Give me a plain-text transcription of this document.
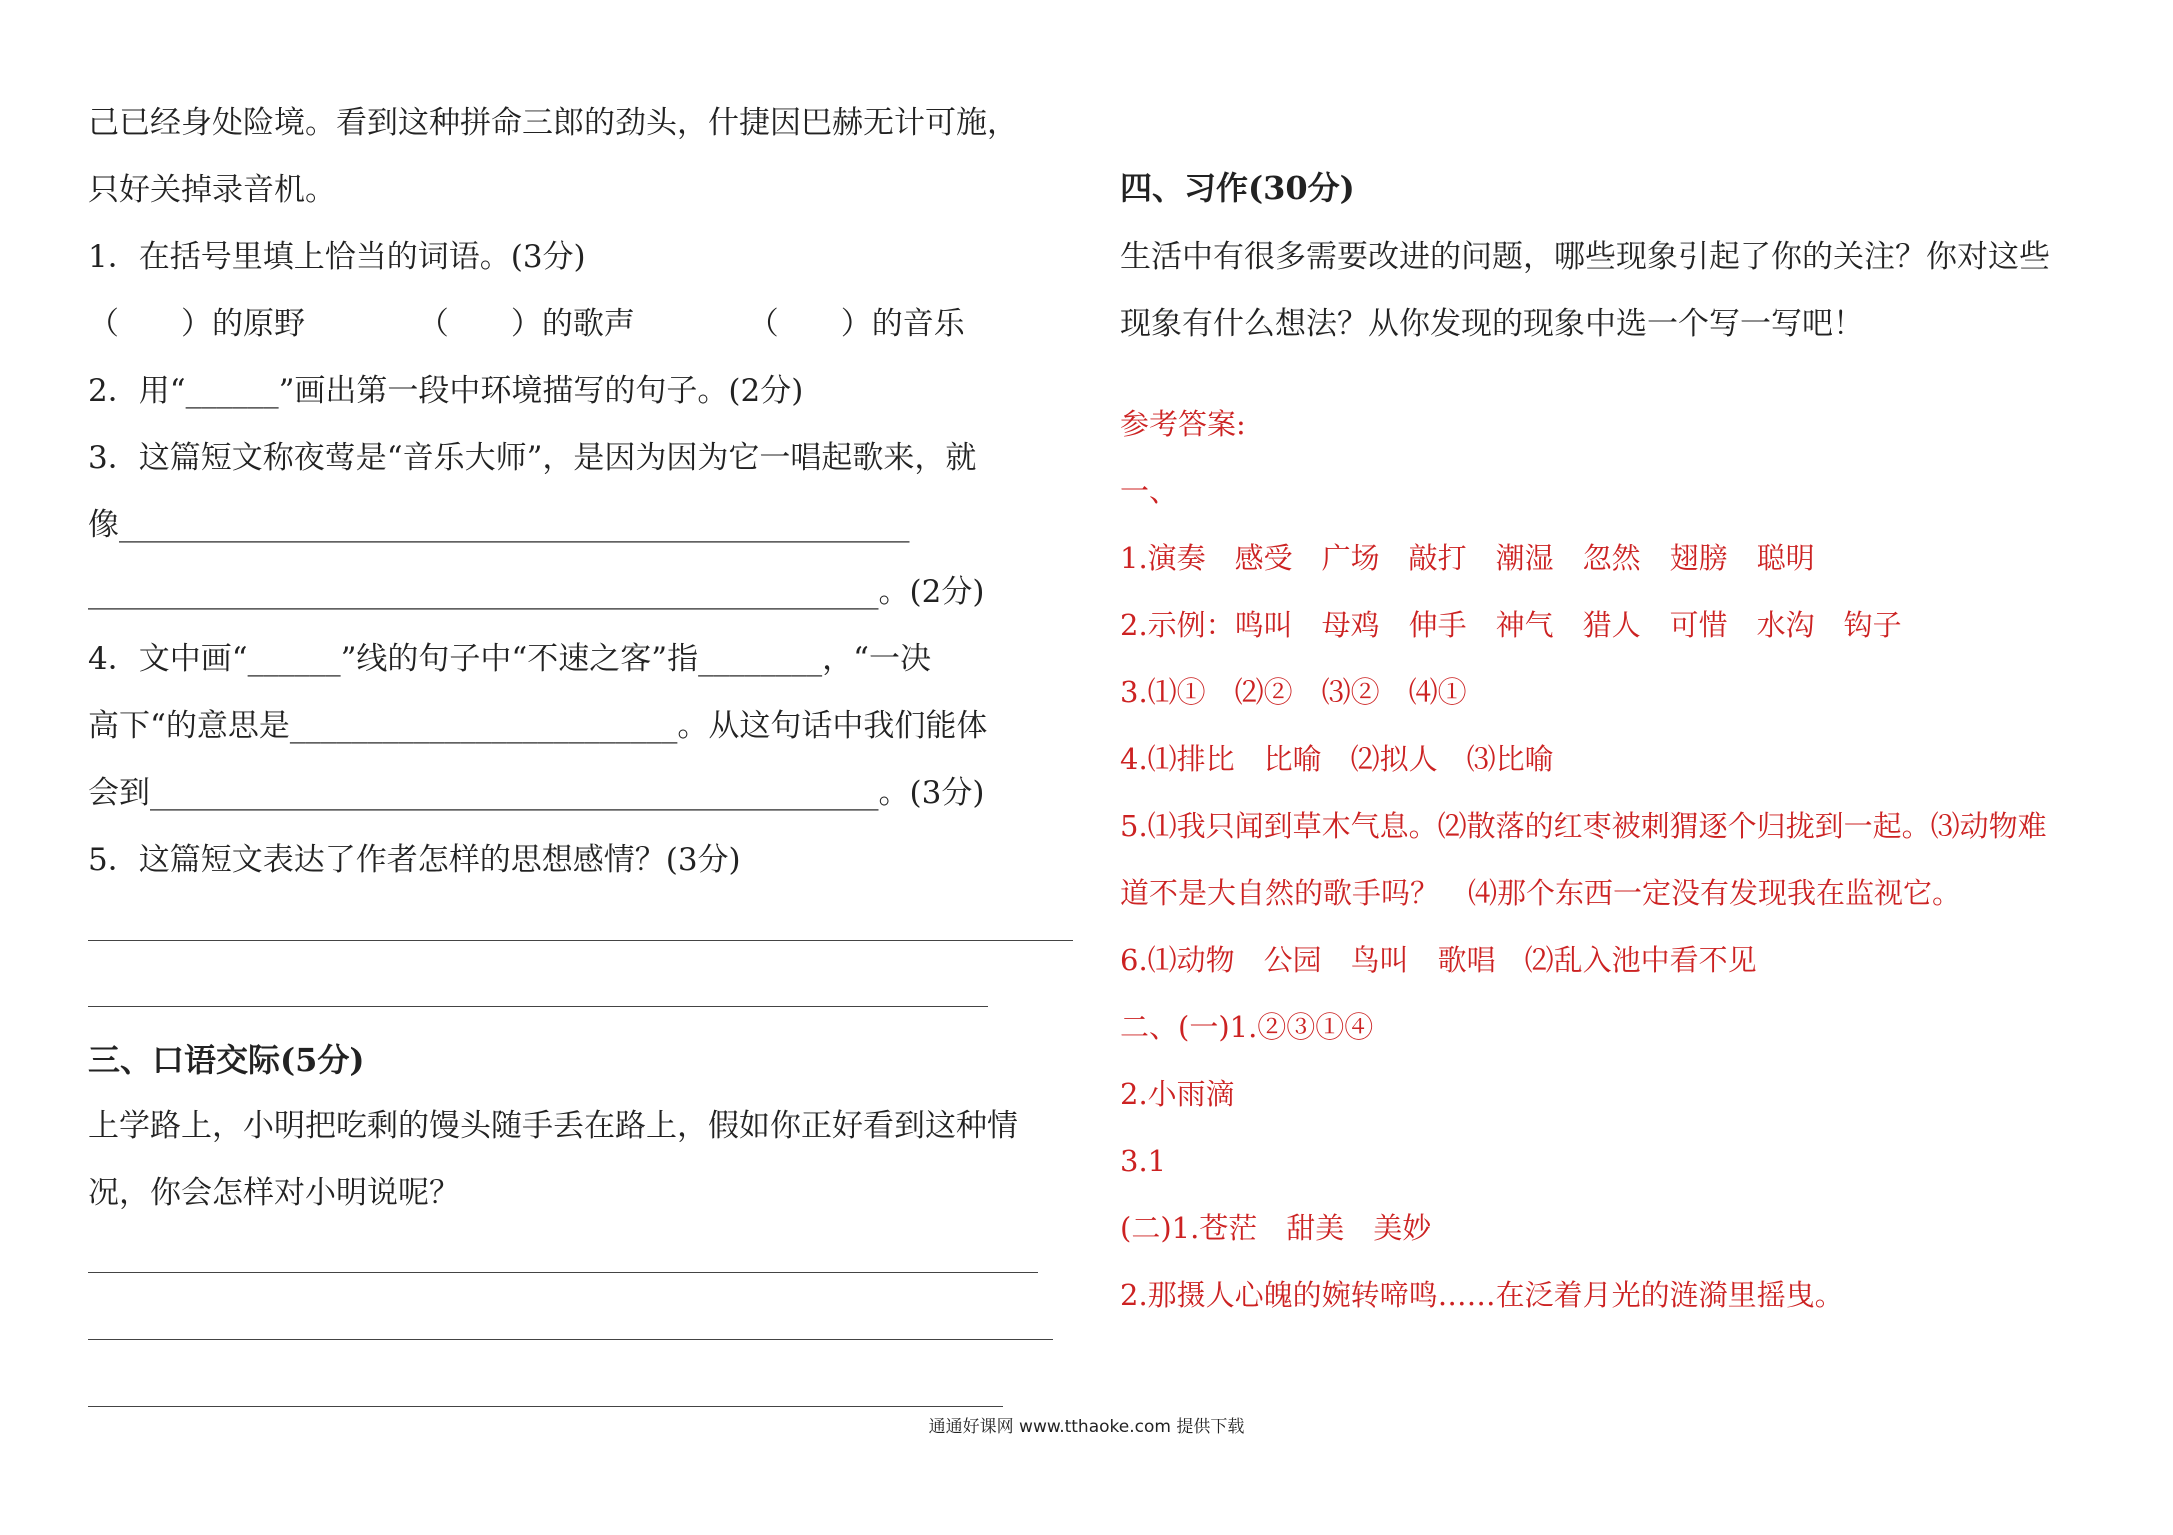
己已经身处险境。看到这种拼命三郎的劲头，什捷因巴赫无计可施，
只好关掉录音机。
1．在括号里填上恰当的词语。(3分)
（　　）的原野	（　　）的歌声	（　　）的音乐
2．用“______”画出第一段中环境描写的句子。(2分)
3．这篇短文称夜莺是“音乐大师”，是因为因为它一唱起歌来，就
像___________________________________________________
___________________________________________________。(2分)
4．文中画“______”线的句子中“不速之客”指________，“一决
高下“的意思是_________________________。从这句话中我们能体
会到_______________________________________________。(3分)
5．这篇短文表达了作者怎样的思想感情？(3分)
三、口语交际(5分)
上学路上，小明把吃剩的馒头随手丢在路上，假如你正好看到这种情
况，你会怎样对小明说呢？
四、习作(30分)
生活中有很多需要改进的问题，哪些现象引起了你的关注？你对这些
现象有什么想法？从你发现的现象中选一个写一写吧！
参考答案:
一、
1.演奏　感受　广场　敲打　潮湿　忽然　翅膀　聪明
2.示例：鸣叫　母鸡　伸手　神气　猎人　可惜　水沟　钩子
3.⑴①　⑵②　⑶②　⑷①
4.⑴排比　比喻　⑵拟人　⑶比喻
5.⑴我只闻到草木气息。⑵散落的红枣被刺猬逐个归拢到一起。⑶动物难
道不是大自然的歌手吗？　⑷那个东西一定没有发现我在监视它。
6.⑴动物　公园　鸟叫　歌唱　⑵乱入池中看不见
二、(一)1.②③①④
2.小雨滴
3.1
(二)1.苍茫　甜美　美妙
2.那摄人心魄的婉转啼鸣……在泛着月光的涟漪里摇曳。
通通好课网 www.tthaoke.com 提供下载
